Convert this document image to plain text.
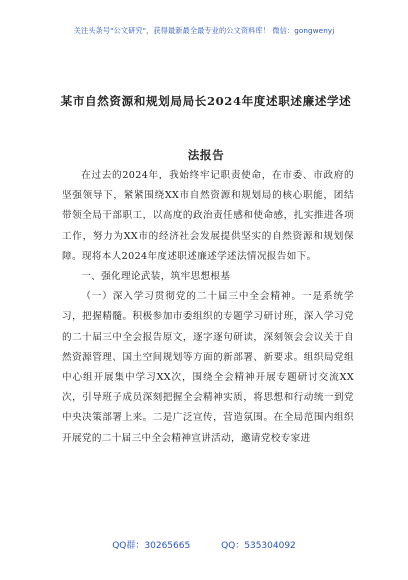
关注头条号"公文研究"，获得最新最全最专业的公文资料库！ 微信：gongwenyj
某市自然资源和规划局局长2024年度述职述廉述学述法报告

在过去的2024年，我始终牢记职责使命，在市委、市政府的坚强领导下，紧紧围绕XX市自然资源和规划局的核心职能，团结带领全局干部职工，以高度的政治责任感和使命感，扎实推进各项工作，努力为XX市的经济社会发展提供坚实的自然资源和规划保障。现将本人2024年度述职述廉述学述法情况报告如下。

一、强化理论武装，筑牢思想根基

（一）深入学习贯彻党的二十届三中全会精神。一是系统学习，把握精髓。积极参加市委组织的专题学习研讨班，深入学习党的二十届三中全会报告原文，逐字逐句研读，深刻领会会议关于自然资源管理、国土空间规划等方面的新部署、新要求。组织局党组中心组开展集中学习XX次，围绕全会精神开展专题研讨交流XX次，引导班子成员深刻把握全会精神实质，将思想和行动统一到党中央决策部署上来。二是广泛宣传，营造氛围。在全局范围内组织开展党的二十届三中全会精神宣讲活动，邀请党校专家进

QQ群：30265665	QQ：535304092
